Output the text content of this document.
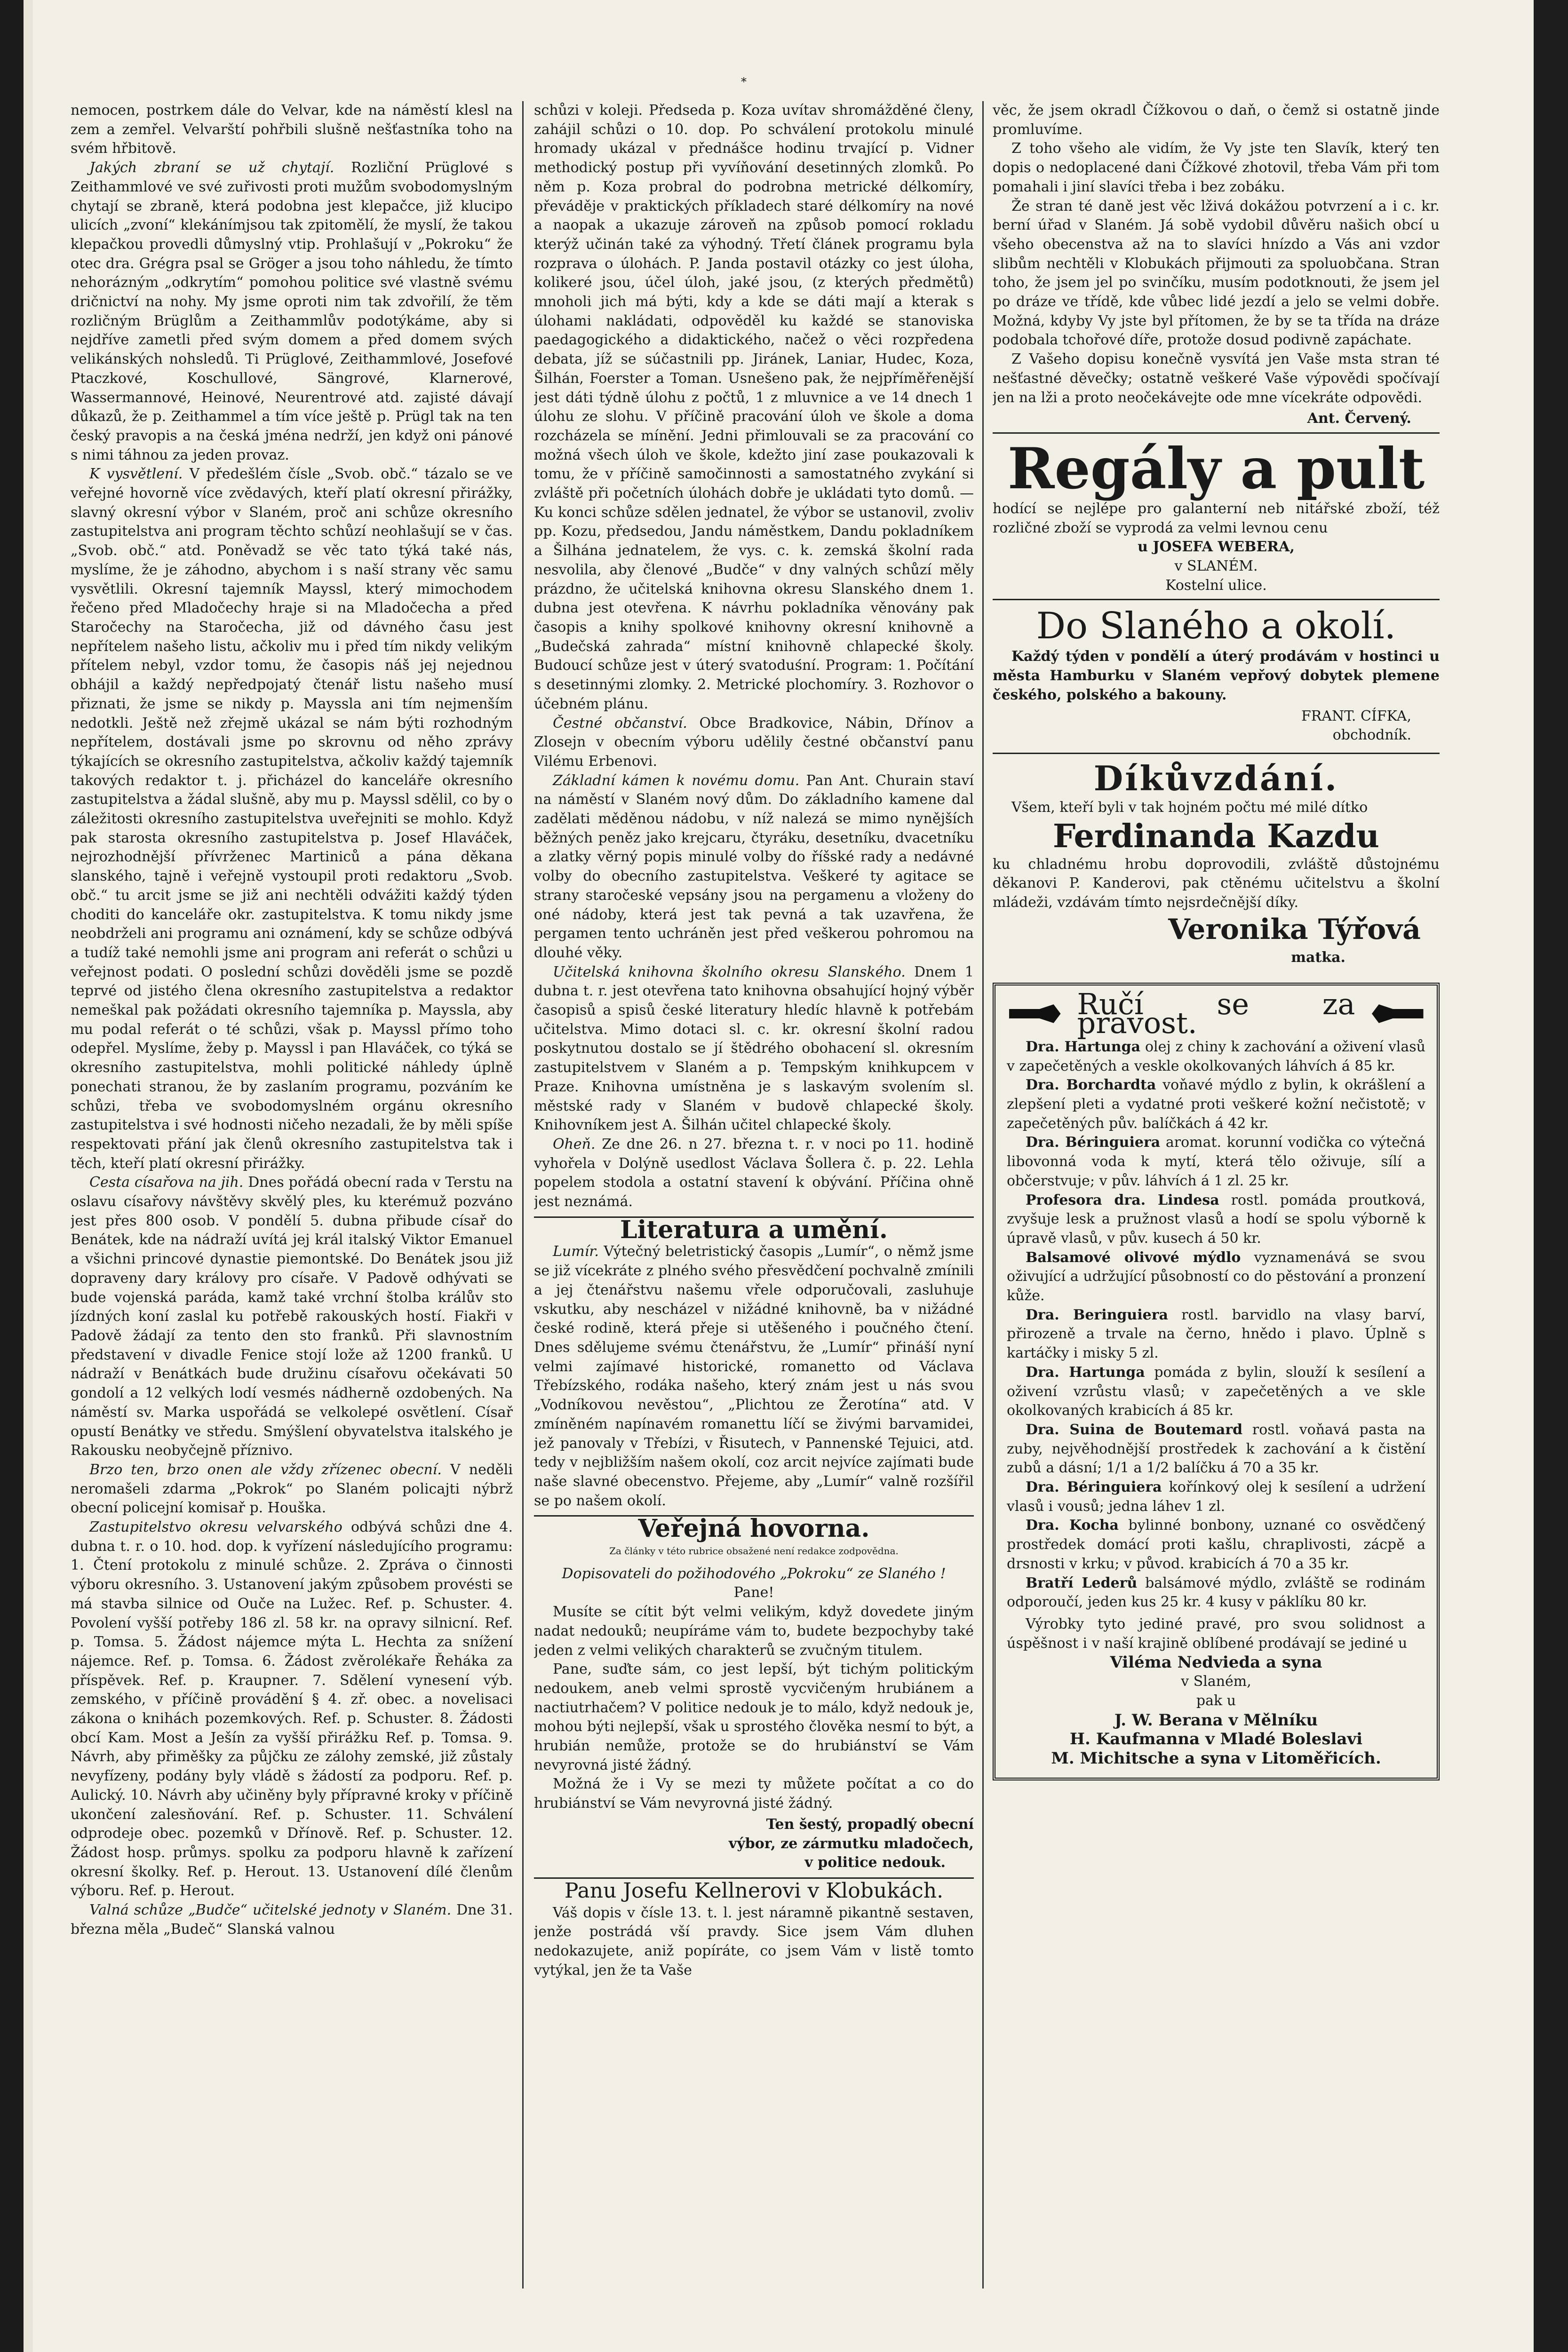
*

nemocen, postrkem dále do Velvar, kde na náměstí klesl na zem a zemřel. Velvarští pohřbili slušně nešťastníka toho na svém hřbitově.

Jakých zbraní se už chytají. Rozliční Prüglové s Zeithammlové ve své zuřivosti proti mužům svobodomyslným chytají se zbraně, která podobna jest klepačce, již klucipo ulicích „zvoní“ klekánímjsou tak zpitomělí, že myslí, že takou klepačkou provedli důmyslný vtip. Prohlašují v „Pokroku“ že otec dra. Grégra psal se Gröger a jsou toho náhledu, že tímto nehorázným „odkrytím“ pomohou politice své vlastně svému dričnictví na nohy. My jsme oproti nim tak zdvořilí, že těm rozličným Brüglům a Zeithammlův podotýkáme, aby si nejdříve zametli před svým domem a před domem svých velikánských nohsledů. Ti Prüglové, Zeithammlové, Josefové Ptaczkové, Koschullové, Sängrové, Klarnerové, Wassermannové, Heinové, Neurentrové atd. zajisté dávají důkazů, že p. Zeithammel a tím více ještě p. Prügl tak na ten český pravopis a na česká jména nedrží, jen když oni pánové s nimi táhnou za jeden provaz.

K vysvětlení. V předešlém čísle „Svob. obč.“ tázalo se ve veřejné hovorně více zvědavých, kteří platí okresní přirážky, slavný okresní výbor v Slaném, proč ani schůze okresního zastupitelstva ani program těchto schůzí neohlašují se v čas. „Svob. obč.“ atd. Poněvadž se věc tato týká také nás, myslíme, že je záhodno, abychom i s naší strany věc samu vysvětlili. Okresní tajemník Mayssl, který mimochodem řečeno před Mladočechy hraje si na Mladočecha a před Staročechy na Staročecha, již od dávného času jest nepřítelem našeho listu, ačkoliv mu i před tím nikdy velikým přítelem nebyl, vzdor tomu, že časopis náš jej nejednou obhájil a každý nepředpojatý čtenář listu našeho musí přiznati, že jsme se nikdy p. Mayssla ani tím nejmenším nedotkli. Ještě než zřejmě ukázal se nám býti rozhodným nepřítelem, dostávali jsme po skrovnu od něho zprávy týkajících se okresního zastupitelstva, ačkoliv každý tajemník takových redaktor t. j. přicházel do kanceláře okresního zastupitelstva a žádal slušně, aby mu p. Mayssl sdělil, co by o záležitosti okresního zastupitelstva uveřejniti se mohlo. Když pak starosta okresního zastupitelstva p. Josef Hlaváček, nejrozhodnější přívrženec Martiniců a pána děkana slanského, tajně i veřejně vystoupil proti redaktoru „Svob. obč.“ tu arcit jsme se již ani nechtěli odvážiti každý týden choditi do kanceláře okr. zastupitelstva. K tomu nikdy jsme neobdrželi ani programu ani oznámení, kdy se schůze odbývá a tudíž také nemohli jsme ani program ani referát o schůzi u veřejnost podati. O poslední schůzi dověděli jsme se pozdě teprvé od jistého člena okresního zastupitelstva a redaktor nemeškal pak požádati okresního tajemníka p. Mayssla, aby mu podal referát o té schůzi, však p. Mayssl přímo toho odepřel. Myslíme, žeby p. Mayssl i pan Hlaváček, co týká se okresního zastupitelstva, mohli politické náhledy úplně ponechati stranou, že by zaslaním programu, pozváním ke schůzi, třeba ve svobodomyslném orgánu okresního zastupitelstva i své hodnosti ničeho nezadali, že by měli spíše respektovati přání jak členů okresního zastupitelstva tak i těch, kteří platí okresní přirážky.

Cesta císařova na jih. Dnes pořádá obecní rada v Terstu na oslavu císařovy návštěvy skvělý ples, ku kterémuž pozváno jest přes 800 osob. V pondělí 5. dubna přibude císař do Benátek, kde na nádraží uvítá jej král italský Viktor Emanuel a všichni princové dynastie piemontské. Do Benátek jsou již dopraveny dary královy pro císaře. V Padově odhývati se bude vojenská paráda, kamž také vrchní štolba králův sto jízdných koní zaslal ku potřebě rakouských hostí. Fiakři v Padově žádají za tento den sto franků. Při slavnostním představení v divadle Fenice stojí lože až 1200 franků. U nádraží v Benátkách bude družinu císařovu očekávati 50 gondolí a 12 velkých lodí vesmés nádherně ozdobených. Na náměstí sv. Marka uspořádá se velkolepé osvětlení. Císař opustí Benátky ve středu. Smýšlení obyvatelstva italského je Rakousku neobyčejně příznivo.

Brzo ten, brzo onen ale vždy zřízenec obecní. V neděli neromašeli zdarma „Pokrok“ po Slaném policajti nýbrž obecní policejní komisař p. Houška.

Zastupitelstvo okresu velvarského odbývá schůzi dne 4. dubna t. r. o 10. hod. dop. k vyřízení následujícího programu: 1. Čtení protokolu z minulé schůze. 2. Zpráva o činnosti výboru okresního. 3. Ustanovení jakým způsobem provésti se má stavba silnice od Ouče na Lužec. Ref. p. Schuster. 4. Povolení vyšší potřeby 186 zl. 58 kr. na opravy silnicní. Ref. p. Tomsa. 5. Žádost nájemce mýta L. Hechta za snížení nájemce. Ref. p. Tomsa. 6. Žádost zvěrolékaře Řeháka za příspěvek. Ref. p. Kraupner. 7. Sdělení vynesení výb. zemského, v příčině provádění § 4. zř. obec. a novelisaci zákona o knihách pozemkových. Ref. p. Schuster. 8. Žádosti obcí Kam. Most a Ješín za vyšší přirážku Ref. p. Tomsa. 9. Návrh, aby přiměšky za půjčku ze zálohy zemské, již zůstaly nevyfízeny, podány byly vládě s žádostí za podporu. Ref. p. Aulický. 10. Návrh aby učiněny byly přípravné kroky v příčině ukončení zalesňování. Ref. p. Schuster. 11. Schválení odprodeje obec. pozemků v Dřínově. Ref. p. Schuster. 12. Žádost hosp. průmys. spolku za podporu hlavně k zařízení okresní školky. Ref. p. Herout. 13. Ustanovení dílé členům výboru. Ref. p. Herout.

Valná schůze „Budče“ učitelské jednoty v Slaném. Dne 31. března měla „Budeč“ Slanská valnou

schůzi v koleji. Předseda p. Koza uvítav shromážděné členy, zahájil schůzi o 10. dop. Po schválení protokolu minulé hromady ukázal v přednášce hodinu trvající p. Vidner methodický postup při vyvíňování desetinných zlomků. Po něm p. Koza probral do podrobna metrické délkomíry, převáděje v praktických příkladech staré délkomíry na nové a naopak a ukazuje zároveň na způsob pomocí rokladu kterýž učinán také za výhodný. Třetí článek programu byla rozprava o úlohách. P. Janda postavil otázky co jest úloha, kolikeré jsou, účel úloh, jaké jsou, (z kterých předmětů) mnoholi jich má býti, kdy a kde se dáti mají a kterak s úlohami nakládati, odpověděl ku každé se stanoviska paedagogického a didaktického, načež o věci rozpředena debata, jíž se súčastnili pp. Jiránek, Laniar, Hudec, Koza, Šilhán, Foerster a Toman. Usnešeno pak, že nejpříměřenější jest dáti týdně úlohu z počtů, 1 z mluvnice a ve 14 dnech 1 úlohu ze slohu. V příčině pracování úloh ve škole a doma rozcházela se mínění. Jedni přimlouvali se za pracování co možná všech úloh ve škole, kdežto jiní zase poukazovali k tomu, že v příčině samočinnosti a samostatného zvykání si zvláště při početních úlohách dobře je ukládati tyto domů. — Ku konci schůze sdělen jednatel, že výbor se ustanovil, zvoliv pp. Kozu, předsedou, Jandu náměstkem, Dandu pokladníkem a Šilhána jednatelem, že vys. c. k. zemská školní rada nesvolila, aby členové „Budče“ v dny valných schůzí měly prázdno, že učitelská knihovna okresu Slanského dnem 1. dubna jest otevřena. K návrhu pokladníka věnovány pak časopis a knihy spolkové knihovny okresní knihovně a „Budečská zahrada“ místní knihovně chlapecké školy. Budoucí schůze jest v úterý svatoduśní. Program: 1. Počítání s desetinnými zlomky. 2. Metrické plochomíry. 3. Rozhovor o účebném plánu.

Čestné občanství. Obce Bradkovice, Nábin, Dřínov a Zlosejn v obecním výboru udělily čestné občanství panu Vilému Erbenovi.

Základní kámen k novému domu. Pan Ant. Churain staví na náměstí v Slaném nový dům. Do základního kamene dal zadělati měděnou nádobu, v níž nalezá se mimo nynějších běžných peněz jako krejcaru, čtyráku, desetníku, dvacetníku a zlatky věrný popis minulé volby do říšské rady a nedávné volby do obecního zastupitelstva. Veškeré ty agitace se strany staročeské vepsány jsou na pergamenu a vloženy do oné nádoby, která jest tak pevná a tak uzavřena, že pergamen tento uchráněn jest před veškerou pohromou na dlouhé věky.

Učitelská knihovna školního okresu Slanského. Dnem 1 dubna t. r. jest otevřena tato knihovna obsahující hojný výběr časopisů a spisů české literatury hledíc hlavně k potřebám učitelstva. Mimo dotaci sl. c. kr. okresní školní radou poskytnutou dostalo se jí štědrého obohacení sl. okresním zastupitelstvem v Slaném a p. Tempským knihkupcem v Praze. Knihovna umístněna je s laskavým svolením sl. městské rady v Slaném v budově chlapecké školy. Knihovníkem jest A. Šilhán učitel chlapecké školy.

Oheň. Ze dne 26. n 27. března t. r. v noci po 11. hodině vyhořela v Dolýně usedlost Václava Šollera č. p. 22. Lehla popelem stodola a ostatní stavení k obývání. Příčina ohně jest neznámá.

Literatura a umění.

Lumír. Výtečný beletristický časopis „Lumír“, o němž jsme se již vícekráte z plného svého přesvědčení pochvalně zmínili a jej čtenářstvu našemu vřele odporučovali, zasluhuje vskutku, aby nescházel v nižádné knihovně, ba v nižádné české rodině, která přeje si utěšeného i poučného čtení. Dnes sdělujeme svému čtenářstvu, že „Lumír“ přináší nyní velmi zajímavé historické, romanetto od Václava Třebízského, rodáka našeho, který znám jest u nás svou „Vodníkovou nevěstou“, „Plichtou ze Žerotína“ atd. V zmíněném napínavém romanettu líčí se živými barvamidei, jež panovaly v Třebízi, v Řisutech, v Pannenské Tejuici, atd. tedy v nejbližším našem okolí, coz arcit nejvíce zajímati bude naše slavné obecenstvo. Přejeme, aby „Lumír“ valně rozšířil se po našem okolí.

Veřejná hovorna.
Za články v této rubrice obsažené není redakce zodpovědna.

Dopisovateli do požihodového „Pokroku“ ze Slaného !

Pane!

Musíte se cítit být velmi velikým, když dovedete jiným nadat nedouků; neupíráme vám to, budete bezpochyby také jeden z velmi velikých charakterů se zvučným titulem.

Pane, suďte sám, co jest lepší, být tichým politickým nedoukem, aneb velmi sprostě vycvičeným hrubiánem a nactiutrhačem? V politice nedouk je to málo, když nedouk je, mohou býti nejlepší, však u sprostého člověka nesmí to být, a hrubián nemůže, protože se do hrubiánství se Vám nevyrovná jisté žádný.

Možná že i Vy se mezi ty můžete počítat a co do hrubiánství se Vám nevyrovná jisté žádný.

Ten šestý, propadlý obecní
výbor, ze zármutku mladočech,
v politice nedouk.
Panu Josefu Kellnerovi v Klobukách.

Váš dopis v čísle 13. t. l. jest náramně pikantně sestaven, jenže postrádá vší pravdy. Sice jsem Vám dluhen nedokazujete, aniž popíráte, co jsem Vám v listě tomto vytýkal, jen že ta Vaše

věc, že jsem okradl Čížkovou o daň, o čemž si ostatně jinde promluvíme.

Z toho všeho ale vidím, že Vy jste ten Slavík, který ten dopis o nedoplacené dani Čížkové zhotovil, třeba Vám při tom pomahali i jiní slavíci třeba i bez zobáku.

Že stran té daně jest věc lživá dokážou potvrzení a i c. kr. berní úřad v Slaném. Já sobě vydobil důvěru našich obcí u všeho obecenstva až na to slavíci hnízdo a Vás ani vzdor slibům nechtěli v Klobukách přijmouti za spoluobčana. Stran toho, že jsem jel po svinčíku, musím podotknouti, že jsem jel po dráze ve třídě, kde vůbec lidé jezdí a jelo se velmi dobře. Možná, kdyby Vy jste byl přítomen, že by se ta třída na dráze podobala tchořové díře, protože dosud podivně zapáchate.

Z Vašeho dopisu konečně vysvítá jen Vaše msta stran té nešťastné děvečky; ostatně veškeré Vaše výpovědi spočívají jen na lži a proto neočekávejte ode mne vícekráte odpovědi.

Ant. Červený.
Regály a pult

hodící se nejlépe pro galanterní neb nitářské zboží, též rozličné zboží se vyprodá za velmi levnou cenu

u JOSEFA WEBERA,
v SLANÉM.
Kostelní ulice.
Do Slaného a okolí.

Každý týden v pondělí a úterý prodávám v hostinci u města Hamburku v Slaném vepřový dobytek plemene českého, polského a bakouny.

FRANT. CÍFKA,
obchodník.
Díkůvzdání.

Všem, kteří byli v tak hojném počtu mé milé dítko

Ferdinanda Kazdu

ku chladnému hrobu doprovodili, zvláště důstojnému děkanovi P. Kanderovi, pak ctěnému učitelstvu a školní mládeži, vzdávám tímto nejsrdečnější díky.

Veronika Týřová
matka.
Ručí se za pravost.

Dra. Hartunga olej z chiny k zachování a oživení vlasů v zapečetěných a veskle okolkovaných láhvích á 85 kr.

Dra. Borchardta voňavé mýdlo z bylin, k okrášlení a zlepšení pleti a vydatné proti veškeré kožní nečistotě; v zapečetěných pův. balíčkách á 42 kr.

Dra. Béringuiera aromat. korunní vodička co výtečná libovonná voda k mytí, která tělo oživuje, sílí a občerstvuje; v pův. láhvích á 1 zl. 25 kr.

Profesora dra. Lindesa rostl. pomáda proutková, zvyšuje lesk a pružnost vlasů a hodí se spolu výborně k úpravě vlasů, v pův. kusech á 50 kr.

Balsamové olivové mýdlo vyznamenává se svou oživující a udržující působností co do pěstování a pronzení kůže.

Dra. Beringuiera rostl. barvidlo na vlasy barví, přirozeně a trvale na černo, hnědo i plavo. Úplně s kartáčky i misky 5 zl.

Dra. Hartunga pomáda z bylin, slouží k sesílení a oživení vzrůstu vlasů; v zapečetěných a ve skle okolkovaných krabicích á 85 kr.

Dra. Suina de Boutemard rostl. voňavá pasta na zuby, nejvěhodnější prostředek k zachování a k čistění zubů a dásní; 1/1 a 1/2 balíčku á 70 a 35 kr.

Dra. Béringuiera kořínkový olej k sesílení a udržení vlasů i vousů; jedna láhev 1 zl.

Dra. Kocha bylinné bonbony, uznané co osvědčený prostředek domácí proti kašlu, chraplivosti, zácpě a drsnosti v krku; v původ. krabicích á 70 a 35 kr.

Bratří Lederů balsámové mýdlo, zvláště se rodinám odporoučí, jeden kus 25 kr. 4 kusy v páklíku 80 kr.

Výrobky tyto jediné pravé, pro svou solidnost a úspěšnost i v naší krajině oblíbené prodávají se jediné u

Viléma Nedvieda a syna
v Slaném,
pak u
J. W. Berana v Mělníku
H. Kaufmanna v Mladé Boleslavi
M. Michitsche a syna v Litoměřicích.
